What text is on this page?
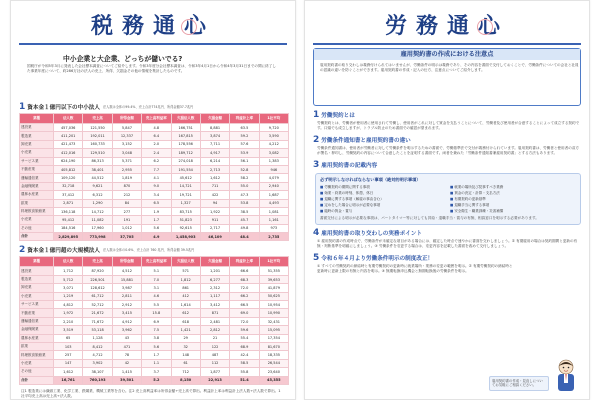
税務通心
中小企業と大企業、どっちが儲いでる?
国税庁が令和5年3月に発表した会社標本調査についてご紹介します。令和3年度分会社標本調査は、令和3年4月1日から令和4年3月31日までの間に終了した事業年度について、約286万社の法人の売上、所得、欠損金その他の情報を集計したものです。
1 資本金１億円以下の中小法人 法人数は全体の99.4%、売上合計774兆円、所得金額37.7兆円
業種	法人数	売上高	所得金額	売上高利益率	欠損法人数	欠損金額	利益計上率	1社平均
建設業	457,036	121,550	5,847	4.8	166,751	8,881	63.5	9,720
製造業	411,201	192,011	12,337	6.4	167,815	3,874	59.2	3,590
卸売業	421,473	160,733	3,152	2.0	178,556	7,711	57.6	4,212
小売業	412,016	129,510	3,048	2.4	189,712	4,917	53.9	3,082
サービス業	624,190	86,313	5,371	6.2	274,018	6,214	56.1	1,383
不動産業	405,812	38,401	2,955	7.7	191,554	2,713	52.8	946
運輸通信業	109,120	44,512	1,819	4.1	45,612	1,612	58.2	4,079
金融保険業	32,718	9,621	870	9.0	14,721	711	55.0	2,940
農林水産業	37,412	6,312	212	3.4	19,721	422	47.3	1,687
鉱業	2,871	1,290	84	6.5	1,327	94	53.8	4,493
料理飲食旅館業	136,118	14,712	277	1.9	83,715	1,922	38.5	1,081
小売業	95,412	11,082	191	1.7	51,823	911	45.7	1,161
その他	184,516	17,960	1,012	5.6	92,615	2,717	49.8	973
合計	2,829,895	773,998	37,705	4.9	1,458,903	46,109	48.4	2,735
2 資本金１億円超の大規模法人 法人数は全体の0.6%、売上合計 760 兆円、所得金額 39.5兆円
業種	法人数	売上高	所得金額	売上高利益率	欠損法人数	欠損金額	利益計上率	1社平均
建設業	1,712	87,920	4,512	5.1	571	1,201	66.6	51,355
製造業	5,712	226,501	15,881	7.0	1,812	6,277	68.3	39,653
卸売業	3,071	128,612	3,987	3.1	861	2,312	72.0	41,879
小売業	1,219	61,712	2,811	4.6	412	1,117	66.2	50,625
サービス業	4,812	52,712	2,912	5.5	1,614	3,412	66.5	10,954
不動産業	1,972	21,672	3,415	15.8	612	871	69.0	10,990
運輸通信業	2,210	71,672	4,912	6.9	618	2,481	72.0	32,431
金融保険業	3,519	53,118	3,962	7.5	1,421	2,812	59.6	15,095
農林水産業	65	1,128	43	3.8	29	21	55.4	17,354
鉱業	103	8,412	471	5.6	32	122	68.9	81,670
料理飲食旅館業	257	4,712	78	1.7	148	487	42.4	18,335
小売業	147	3,902	42	1.1	61	112	58.5	26,544
その他	1,612	38,107	1,415	3.7	712	1,877	55.8	23,640
合計	16,761	760,193	39,501	5.2	8,150	22,913	51.4	45,355
注1 製造業には繊維工業、化学工業、鉄鋼業、機械工業等を含む。注2 売上高利益率は所得金額÷売上高で算出。利益計上率は利益計上法人数÷法人数で算出。1社平均売上高は売上高÷法人数。
労務通心
雇用契約書の作成における注意点
雇用契約書の取り交わしは義務付けられてはいませんが、労働条件の明示は義務であり、その内容を書面で交付しておくことで、労働条件についての会社と社員の認識の違いを防ぐことができます。雇用契約書の作成・記入の仕方、注意点についてご紹介します。
1 労働契約とは
労働契約とは、労働者が使用者に使用されて労働し、使用者がこれに対して賃金を支払うことについて、労働者及び使用者が合意することによって成立する契約です。口頭でも成立しますが、トラブル防止のため書面での確認が望まれます。
2 労働条件通知書と雇用契約書の違い
労働条件通知書は、使用者が労働者に対して労働条件を明示するための書面で、労働基準法で交付が義務付けられています。雇用契約書は、労働者と使用者の双方が署名・押印し、労働契約の内容について合意したことを証明する書面です。両者を兼ねた「労働条件通知書兼雇用契約書」とする方法もあります。
3 雇用契約書の記載内容
必ず明示しなければならない事項（絶対的明示事項）
■ 労働契約の期間に関する事項	■ 就業の場所及び従事すべき業務
■ 始業・終業の時刻、休憩、休日	■ 賃金の決定・計算・支払方法
■ 退職に関する事項（解雇の事由含む）	■ 有期契約の更新基準
■ 定めをした場合に明示が必要な事項	■ 退職手当に関する事項
■ 臨時の賃金・賞与	■ 安全衛生・職業訓練・災害補償
書面交付による明示が必要な事項は、パートタイマー等に対しても昇給・退職手当・賞与の有無、相談窓口を明示する必要があります。
4 雇用契約書の取り交わしの実務ポイント
① 雇用契約書の作成時点で、労働条件が未確定な項目がある場合には、確定した時点で速やかに書面を交わしましょう。② 有期雇用の場合は契約期間と更新の有無・判断基準を明確にしましょう。③ 労働条件を変更する場合は、変更内容を記載した書面を改めて交付しましょう。
5 令和６年４月より労働条件明示の制度改正！
① すべての労働契約の締結時と有期労働契約の更新時に就業場所・業務の変更の範囲を明示。② 有期労働契約の締結時と更新時に更新上限の有無と内容を明示。③ 無期転換申込機会と無期転換後の労働条件を明示。
雇用契約書の作成・見直しについてお気軽にご相談ください。
